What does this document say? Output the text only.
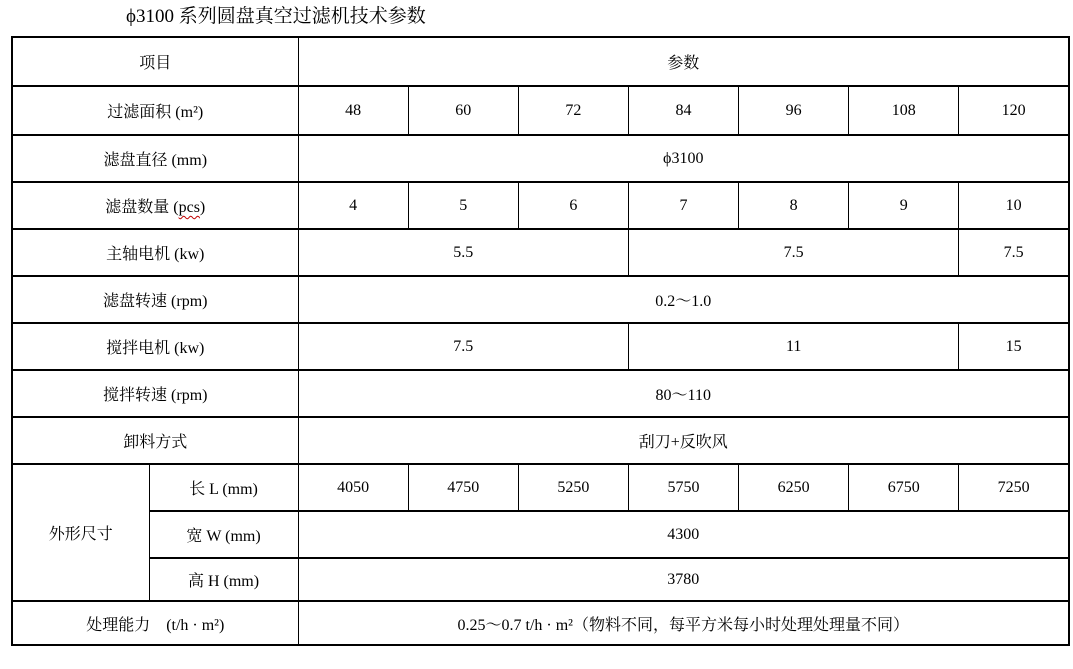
ϕ3100 系列圆盘真空过滤机技术参数
项目		参数						
过滤面积 (m²)		48	60	72	84	96	108	120
滤盘直径 (mm)		ϕ3100						
滤盘数量 (pcs)		4	5	6	7	8	9	10
主轴电机 (kw)		5.5			7.5			7.5
滤盘转速 (rpm)		0.2～1.0						
搅拌电机 (kw)		7.5			11			15
搅拌转速 (rpm)		80～110						
卸料方式		刮刀+反吹风						
外形尺寸	长 L (mm)	4050	4750	5250	5750	6250	6750	7250
	宽 W (mm)	4300						
	高 H (mm)	3780						
处理能力　(t/h · m²)		0.25～0.7 t/h · m²（物料不同，每平方米每小时处理处理量不同）						
